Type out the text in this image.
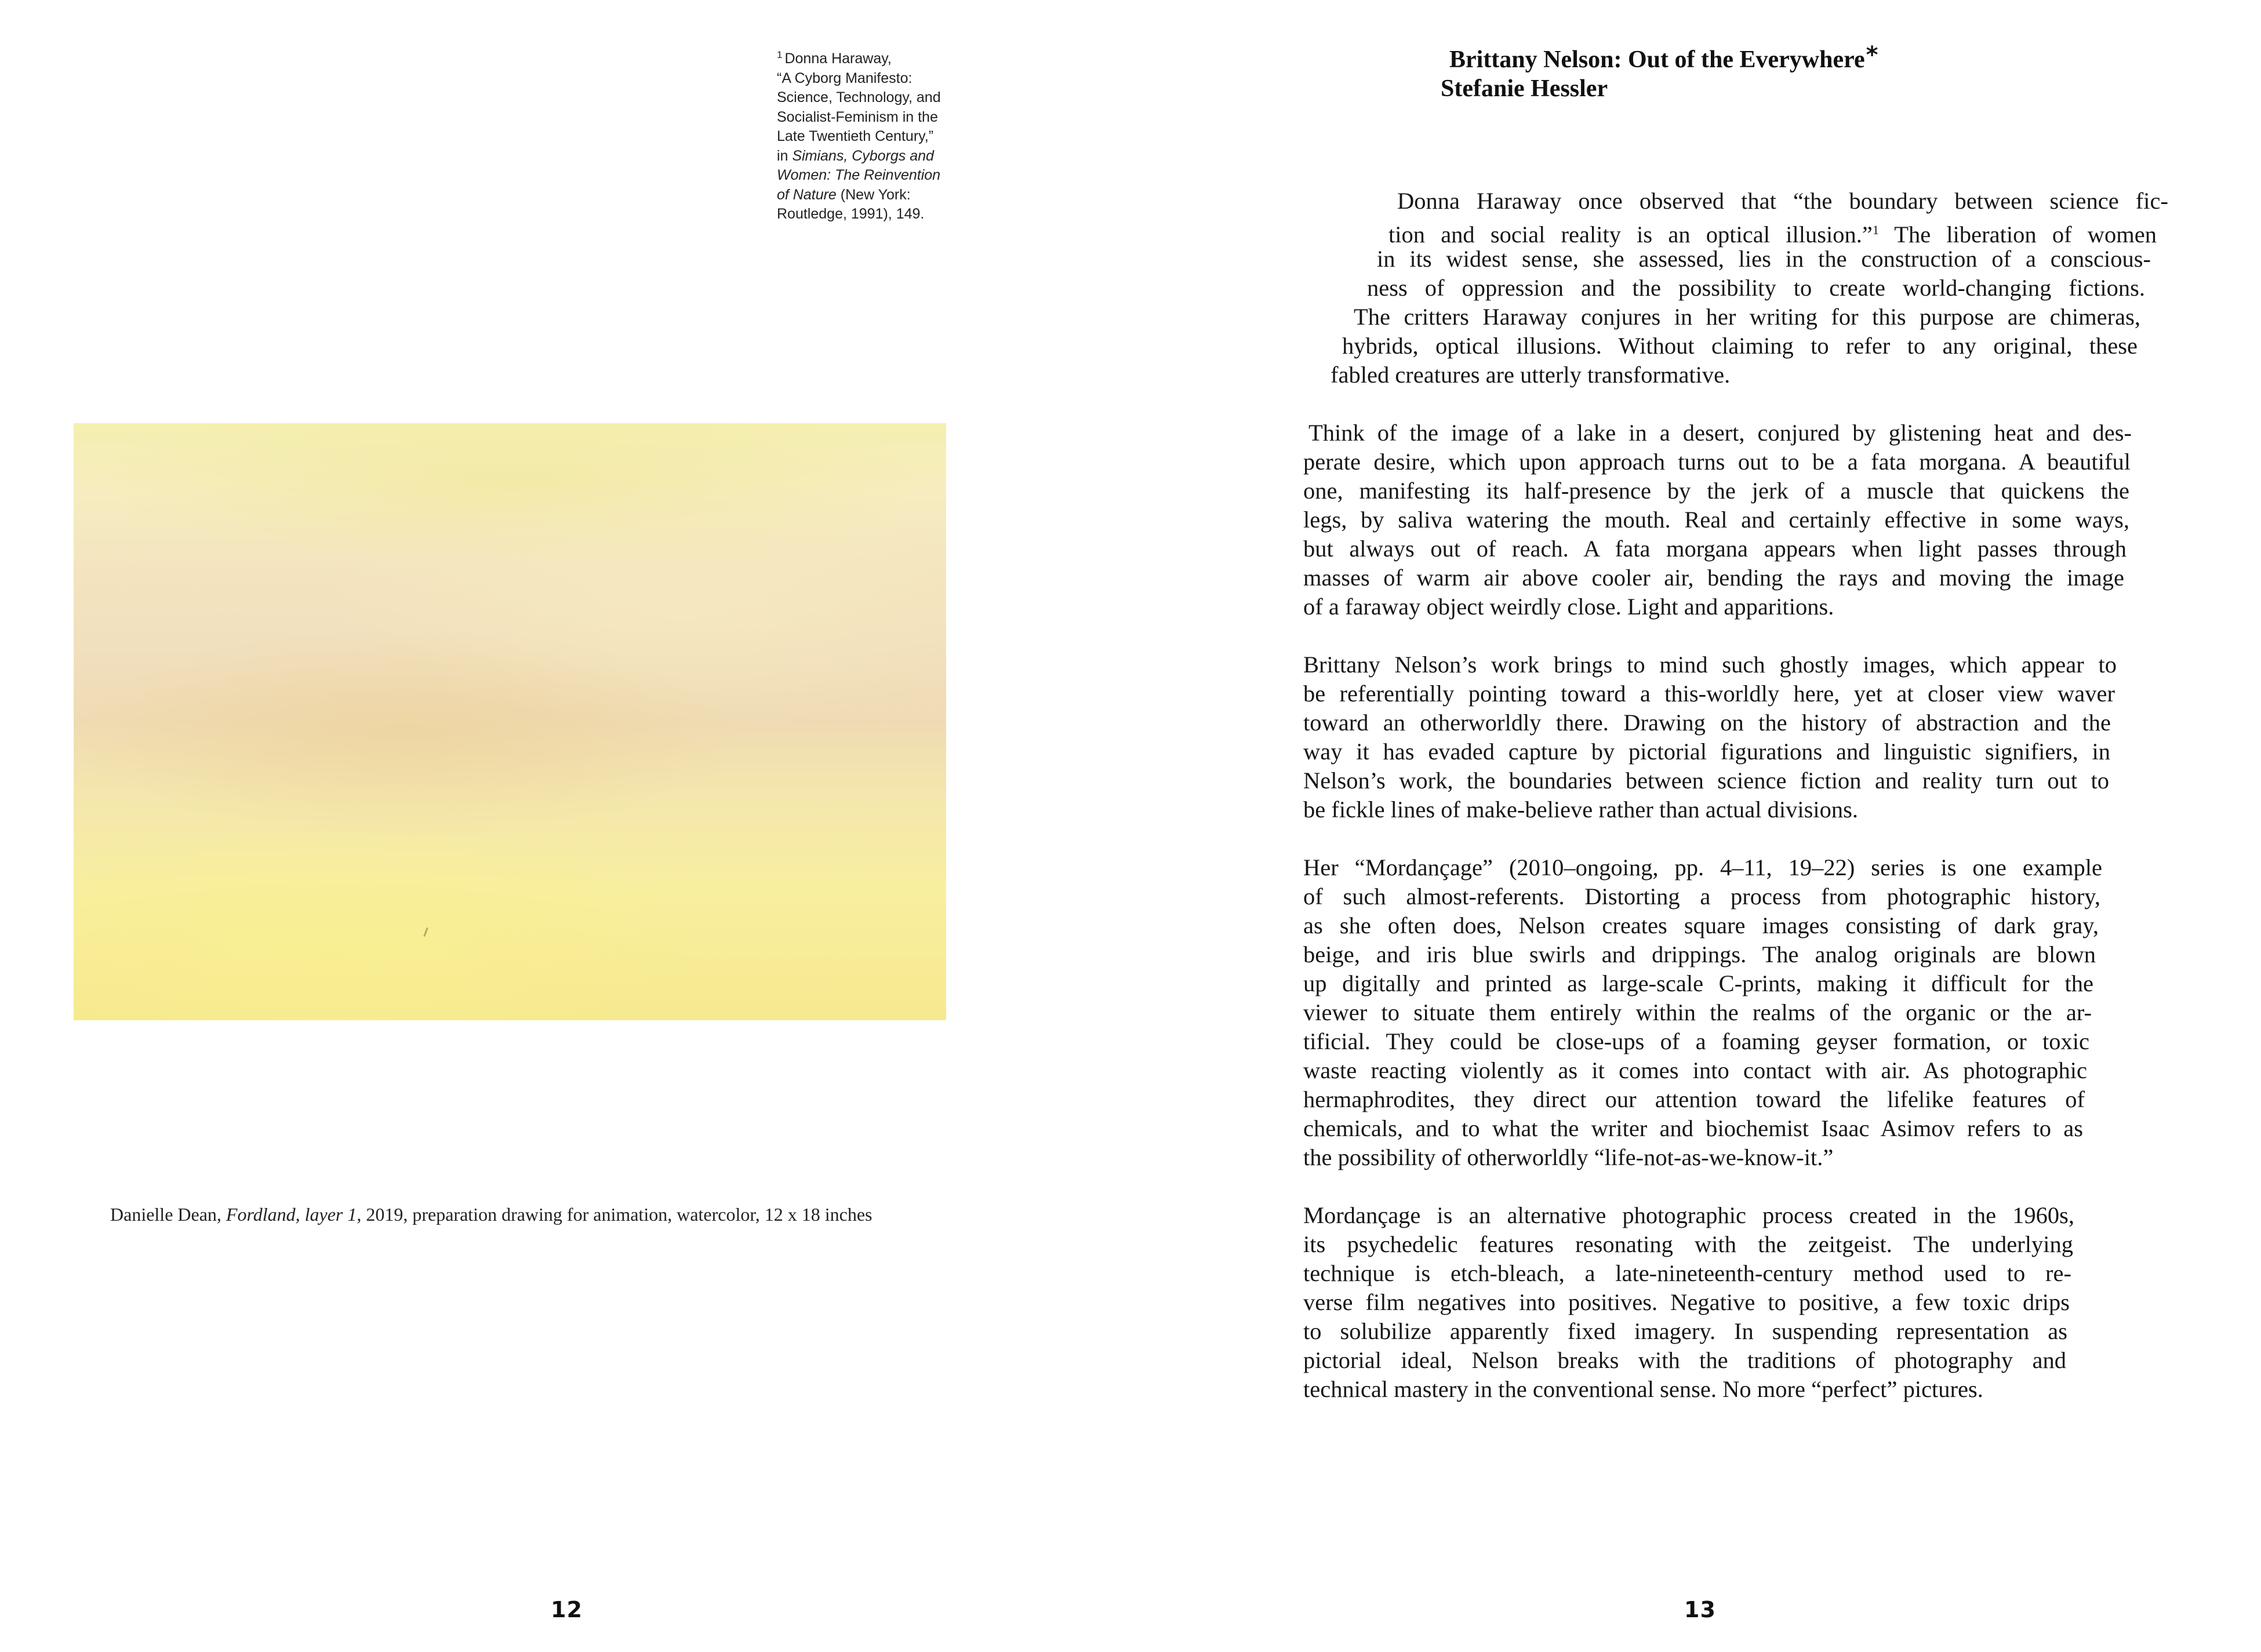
$^1$ Donna Haraway,
“A Cyborg Manifesto:
Science, Technology, and
Socialist-Feminism in the
Late Twentieth Century,”
in Simians, Cyborgs and
Women: The Reinvention
of Nature (New York:
Routledge, 1991), 149.
Danielle Dean, Fordland, layer 1, 2019, preparation drawing for animation, watercolor, 12 x 18 inches
12
Brittany Nelson: Out of the Everywhere*
Stefanie Hessler
Donna Haraway once observed that “the boundary between science fic-
tion and social reality is an optical illusion.”$^1$ The liberation of women
in its widest sense, she assessed, lies in the construction of a conscious-
ness of oppression and the possibility to create world-changing fictions.
The critters Haraway conjures in her writing for this purpose are chimeras,
hybrids, optical illusions. Without claiming to refer to any original, these
fabled creatures are utterly transformative.
Think of the image of a lake in a desert, conjured by glistening heat and des-
perate desire, which upon approach turns out to be a fata morgana. A beautiful
one, manifesting its half-presence by the jerk of a muscle that quickens the
legs, by saliva watering the mouth. Real and certainly effective in some ways,
but always out of reach. A fata morgana appears when light passes through
masses of warm air above cooler air, bending the rays and moving the image
of a faraway object weirdly close. Light and apparitions.
Brittany Nelson’s work brings to mind such ghostly images, which appear to
be referentially pointing toward a this-worldly here, yet at closer view waver
toward an otherworldly there. Drawing on the history of abstraction and the
way it has evaded capture by pictorial figurations and linguistic signifiers, in
Nelson’s work, the boundaries between science fiction and reality turn out to
be fickle lines of make-believe rather than actual divisions.
Her “Mordançage” (2010–ongoing, pp. 4–11, 19–22) series is one example
of such almost-referents. Distorting a process from photographic history,
as she often does, Nelson creates square images consisting of dark gray,
beige, and iris blue swirls and drippings. The analog originals are blown
up digitally and printed as large-scale C-prints, making it difficult for the
viewer to situate them entirely within the realms of the organic or the ar-
tificial. They could be close-ups of a foaming geyser formation, or toxic
waste reacting violently as it comes into contact with air. As photographic
hermaphrodites, they direct our attention toward the lifelike features of
chemicals, and to what the writer and biochemist Isaac Asimov refers to as
the possibility of otherworldly “life-not-as-we-know-it.”
Mordançage is an alternative photographic process created in the 1960s,
its psychedelic features resonating with the zeitgeist. The underlying
technique is etch-bleach, a late-nineteenth-century method used to re-
verse film negatives into positives. Negative to positive, a few toxic drips
to solubilize apparently fixed imagery. In suspending representation as
pictorial ideal, Nelson breaks with the traditions of photography and
technical mastery in the conventional sense. No more “perfect” pictures.
13
